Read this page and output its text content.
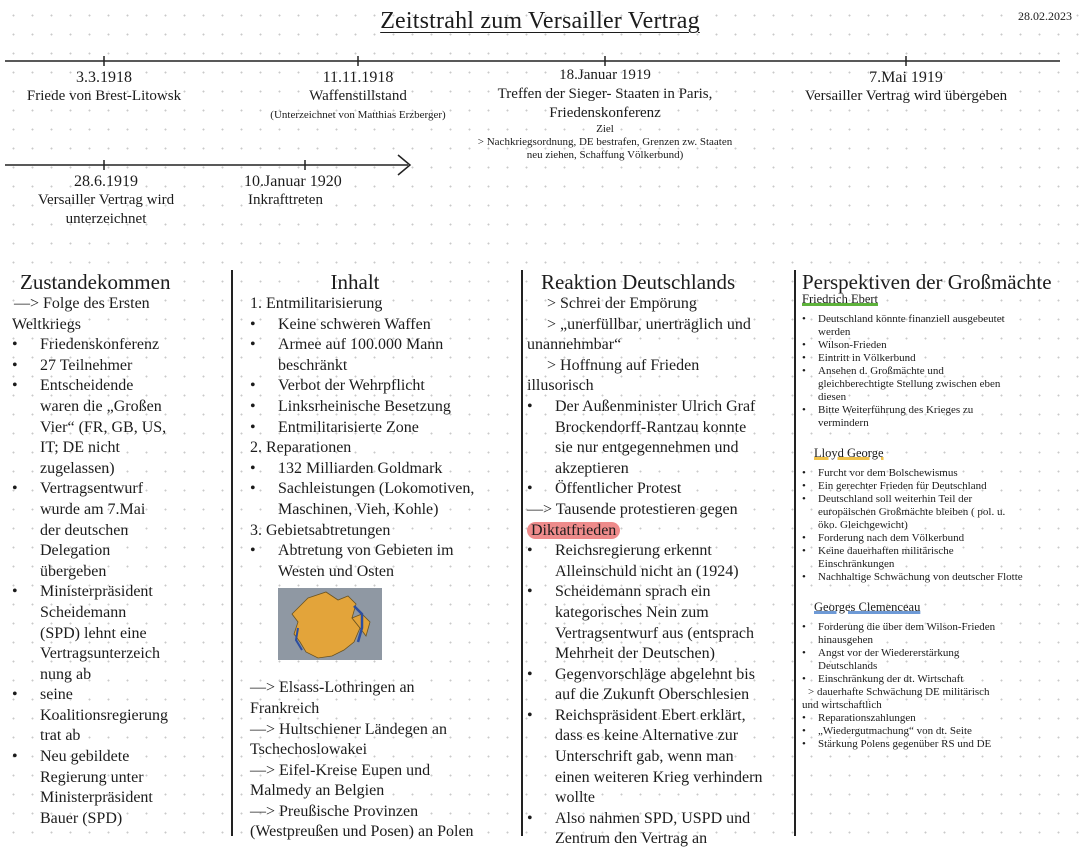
Zeitstrahl zum Versailler Vertrag	28.02.2023
3.3.1918
Friede von Brest-Litowsk
11.11.1918
Waffenstillstand
(Unterzeichnet von Matthias Erzberger)
18.Januar 1919
Treffen der Sieger- Staaten in Paris,
Friedenskonferenz
Ziel
> Nachkriegsordnung, DE bestrafen, Grenzen zw. Staaten
neu ziehen, Schaffung Völkerbund)
7.Mai 1919
Versailler Vertrag wird übergeben
28.6.1919
Versailler Vertrag wird
unterzeichnet
10.Januar 1920
Inkrafttreten
Zustandekommen

—> Folge des Ersten

Weltkriegs

• Friedenskonferenz
• 27 Teilnehmer
• Entscheidende
waren die „Großen
Vier“ (FR, GB, US,
IT; DE nicht
zugelassen)
• Vertragsentwurf
wurde am 7.Mai
der deutschen
Delegation
übergeben
• Ministerpräsident
Scheidemann
(SPD) lehnt eine
Vertragsunterzeich
nung ab
• seine
Koalitionsregierung
trat ab
• Neu gebildete
Regierung unter
Ministerpräsident
Bauer (SPD)
Inhalt

1. Entmilitarisierung

• Keine schweren Waffen
• Armee auf 100.000 Mann
beschränkt
• Verbot der Wehrpflicht
• Linksrheinische Besetzung
• Entmilitarisierte Zone

2. Reparationen

• 132 Milliarden Goldmark
• Sachleistungen (Lokomotiven,
Maschinen, Vieh, Kohle)

3. Gebietsabtretungen

• Abtretung von Gebieten im
Westen und Osten

—> Elsass-Lothringen an

Frankreich

—> Hultschiener Ländegen an

Tschechoslowakei

—> Eifel-Kreise Eupen und

Malmedy an Belgien

—> Preußische Provinzen

(Westpreußen und Posen) an Polen

Reaktion Deutschlands

> Schrei der Empörung

> „unerfüllbar, unerträglich und

unannehmbar“

> Hoffnung auf Frieden

illusorisch

• Der Außenminister Ulrich Graf
Brockendorff-Rantzau konnte
sie nur entgegennehmen und
akzeptieren
• Öffentlicher Protest

—> Tausende protestieren gegen

Diktatfrieden

• Reichsregierung erkennt
Alleinschuld nicht an (1924)
• Scheidemann sprach ein
kategorisches Nein zum
Vertragsentwurf aus (entsprach
Mehrheit der Deutschen)
• Gegenvorschläge abgelehnt bis
auf die Zukunft Oberschlesien
• Reichspräsident Ebert erklärt,
dass es keine Alternative zur
Unterschrift gab, wenn man
einen weiteren Krieg verhindern
wollte
• Also nahmen SPD, USPD und
Zentrum den Vertrag an
Perspektiven der Großmächte
Friedrich Ebert
• Deutschland könnte finanziell ausgebeutet
werden
• Wilson-Frieden
• Eintritt in Völkerbund
• Ansehen d. Großmächte und
gleichberechtigte Stellung zwischen eben
diesen
• Bitte Weiterführung des Krieges zu
vermindern
Lloyd George
• Furcht vor dem Bolschewismus
• Ein gerechter Frieden für Deutschland
• Deutschland soll weiterhin Teil der
europäischen Großmächte bleiben ( pol. u.
öko. Gleichgewicht)
• Forderung nach dem Völkerbund
• Keine dauerhaften militärische
Einschränkungen
• Nachhaltige Schwächung von deutscher Flotte
Georges Clemenceau
• Forderung die über dem Wilson-Frieden
hinausgehen
• Angst vor der Wiedererstärkung
Deutschlands
• Einschränkung der dt. Wirtschaft

> dauerhafte Schwächung DE militärisch

und wirtschaftlich

• Reparationszahlungen
• „Wiedergutmachung“ von dt. Seite
• Stärkung Polens gegenüber RS und DE
